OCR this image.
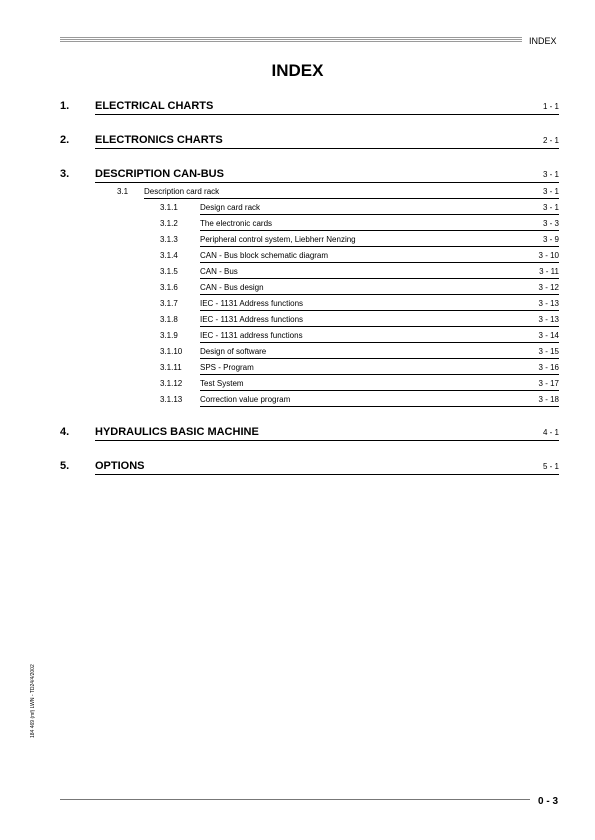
INDEX
INDEX
1. ELECTRICAL CHARTS	1 - 1
2. ELECTRONICS CHARTS	2 - 1
3. DESCRIPTION CAN-BUS	3 - 1
3.1 Description card rack	3 - 1
3.1.1	Design card rack	3 - 1
3.1.2	The electronic cards	3 - 3
3.1.3	Peripheral control system, Liebherr Nenzing	3 - 9
3.1.4	CAN - Bus block schematic diagram	3 - 10
3.1.5	CAN - Bus	3 - 11
3.1.6	CAN - Bus design	3 - 12
3.1.7	IEC - 1131 Address functions	3 - 13
3.1.8	IEC - 1131 Address functions	3 - 13
3.1.9	IEC - 1131 address functions	3 - 14
3.1.10 Design of software	3 - 15
3.1.11 SPS - Program	3 - 16
3.1.12 Test System	3 - 17
3.1.13 Correction value program	3 - 18
4. HYDRAULICS BASIC MACHINE	4 - 1
5. OPTIONS	5 - 1
184 469 (mf) LWN - TD24/4/2002
0 - 3
